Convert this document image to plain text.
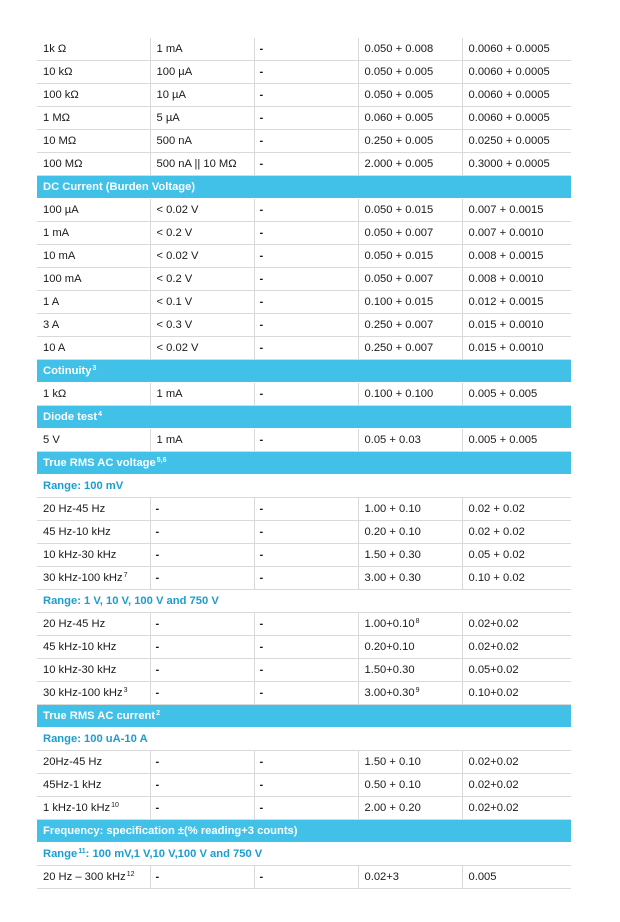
1k Ω	1 mA	-	0.050 + 0.008	0.0060 + 0.0005
10 kΩ	100 µA	-	0.050 + 0.005	0.0060 + 0.0005
100 kΩ	10 µA	-	0.050 + 0.005	0.0060 + 0.0005
1 MΩ	5 µA	-	0.060 + 0.005	0.0060 + 0.0005
10 MΩ	500 nA	-	0.250 + 0.005	0.0250 + 0.0005
100 MΩ	500 nA || 10 MΩ	-	2.000 + 0.005	0.3000 + 0.0005
DC Current (Burden Voltage)				
100 µA	< 0.02 V	-	0.050 + 0.015	0.007 + 0.0015
1 mA	< 0.2 V	-	0.050 + 0.007	0.007 + 0.0010
10 mA	< 0.02 V	-	0.050 + 0.015	0.008 + 0.0015
100 mA	< 0.2 V	-	0.050 + 0.007	0.008 + 0.0010
1 A	< 0.1 V	-	0.100 + 0.015	0.012 + 0.0015
3 A	< 0.3 V	-	0.250 + 0.007	0.015 + 0.0010
10 A	< 0.02 V	-	0.250 + 0.007	0.015 + 0.0010
Cotinuity$^3$
1 kΩ	1 mA	-	0.100 + 0.100	0.005 + 0.005
Diode test$^4$
5 V	1 mA	-	0.05 + 0.03	0.005 + 0.005
True RMS AC voltage$^{5,6}$
Range: 100 mV				
20 Hz-45 Hz	-	-	1.00 + 0.10	0.02 + 0.02
45 Hz-10 kHz	-	-	0.20 + 0.10	0.02 + 0.02
10 kHz-30 kHz	-	-	1.50 + 0.30	0.05 + 0.02
30 kHz-100 kHz$^7$	-	-	3.00 + 0.30	0.10 + 0.02
Range: 1 V, 10 V, 100 V and 750 V				
20 Hz-45 Hz	-	-	$1.00+0.10^8$	0.02+0.02
45 kHz-10 kHz	-	-	0.20+0.10	0.02+0.02
10 kHz-30 kHz	-	-	1.50+0.30	0.05+0.02
30 kHz-100 kHz$^3$	-	-	$3.00+0.30^9$	0.10+0.02
True RMS AC current$^2$
Range: 100 uA-10 A				
20Hz-45 Hz	-	-	1.50 + 0.10	0.02+0.02
45Hz-1 kHz	-	-	0.50 + 0.10	0.02+0.02
1 kHz-10 kHz$^{10}$	-	-	2.00 + 0.20	0.02+0.02
Frequency: specification ±(% reading+3 counts)				
Range$^{11}$: 100 mV,1 V,10 V,100 V and 750 V				
20 Hz – 300 kHz$^{12}$	-	-	0.02+3	0.005
